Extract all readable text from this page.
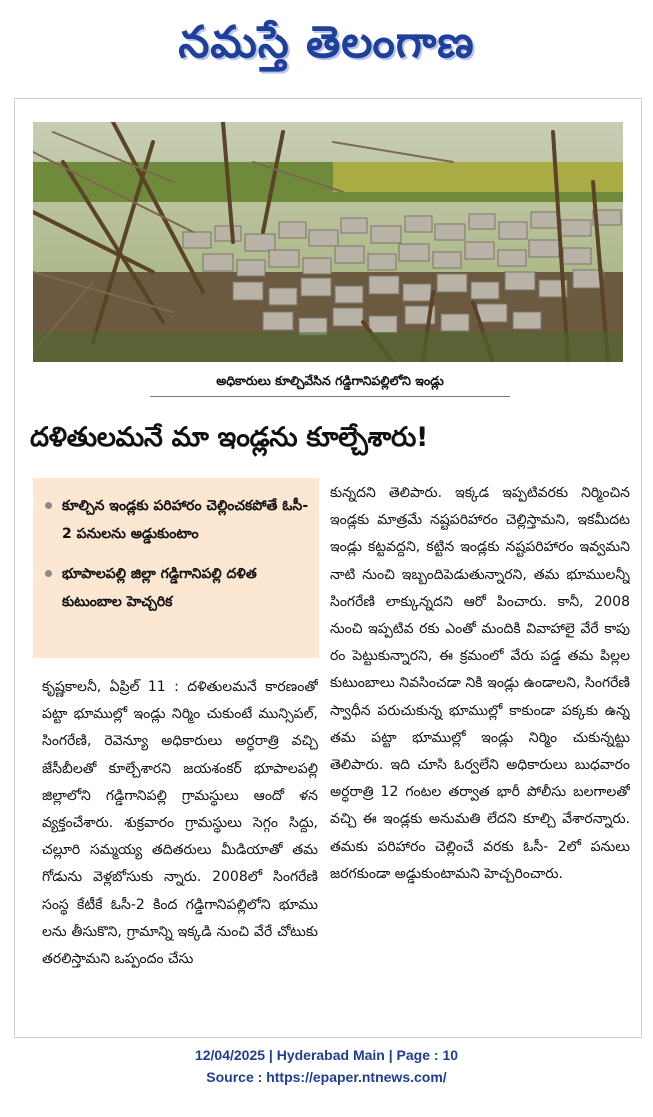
నమస్తే తెలంగాణ
అధికారులు కూల్చివేసిన గడ్డిగానిపల్లిలోని ఇండ్లు
దళితులమనే మా ఇండ్లను కూల్చేశారు!
కూల్చిన ఇండ్లకు పరిహారం చెల్లించకపోతే ఓసీ- 2 పనులను అడ్డుకుంటాం
భూపాలపల్లి జిల్లా గడ్డిగానిపల్లి దళిత కుటుంబాల హెచ్చరిక
కృష్ణకాలనీ, ఏప్రిల్ 11 : దళితులమనే కారణంతో పట్టా భూముల్లో ఇండ్లు నిర్మిం చుకుంటే మున్సిపల్, సింగరేణి, రెవెన్యూ అధికారులు అర్ధరాత్రి వచ్చి జేసీబీలతో కూల్చేశారని జయశంకర్ భూపాలపల్లి జిల్లాలోని గడ్డిగానిపల్లి గ్రామస్థులు ఆందో ళన వ్యక్తంచేశారు. శుక్రవారం గ్రామస్థులు సెగ్గం సిద్దు, చల్లూరి సమ్మయ్య తదితరులు మీడియాతో తమ గోడును వెళ్లబోసుకు న్నారు. 2008లో సింగరేణి సంస్థ కేటీకే ఓసీ-2 కింద గడ్డిగానిపల్లిలోని భూము లను తీసుకొని, గ్రామాన్ని ఇక్కడి నుంచి వేరే చోటుకు తరలిస్తామని ఒప్పందం చేసు
కున్నదని తెలిపారు. ఇక్కడ ఇప్పటివరకు నిర్మించిన ఇండ్లకు మాత్రమే నష్టపరిహారం చెల్లిస్తామని, ఇకమీదట ఇండ్లు కట్టవద్దని, కట్టిన ఇండ్లకు నష్టపరిహారం ఇవ్వమని నాటి నుంచి ఇబ్బందిపెడుతున్నారని, తమ భూములన్నీ సింగరేణి లాక్కున్నదని ఆరో పించారు. కానీ, 2008 నుంచి ఇప్పటివ రకు ఎంతో మందికి వివాహాలై వేరే కాపు రం పెట్టుకున్నారని, ఈ క్రమంలో వేరు పడ్డ తమ పిల్లల కుటుంబాలు నివసించడా నికి ఇండ్లు ఉండాలని, సింగరేణి స్వాధీన పరుచుకున్న భూముల్లో కాకుండా పక్కకు ఉన్న తమ పట్టా భూముల్లో ఇండ్లు నిర్మిం చుకున్నట్టు తెలిపారు. ఇది చూసి ఓర్వలేని అధికారులు బుధవారం అర్ధరాత్రి 12 గంటల తర్వాత భారీ పోలీసు బలగాలతో వచ్చి ఈ ఇండ్లకు అనుమతి లేదని కూల్చి వేశారన్నారు. తమకు పరిహారం చెల్లించే వరకు ఓసీ- 2లో పనులు జరగకుండా అడ్డుకుంటామని హెచ్చరించారు.
12/04/2025 | Hyderabad Main | Page : 10
Source : https://epaper.ntnews.com/
